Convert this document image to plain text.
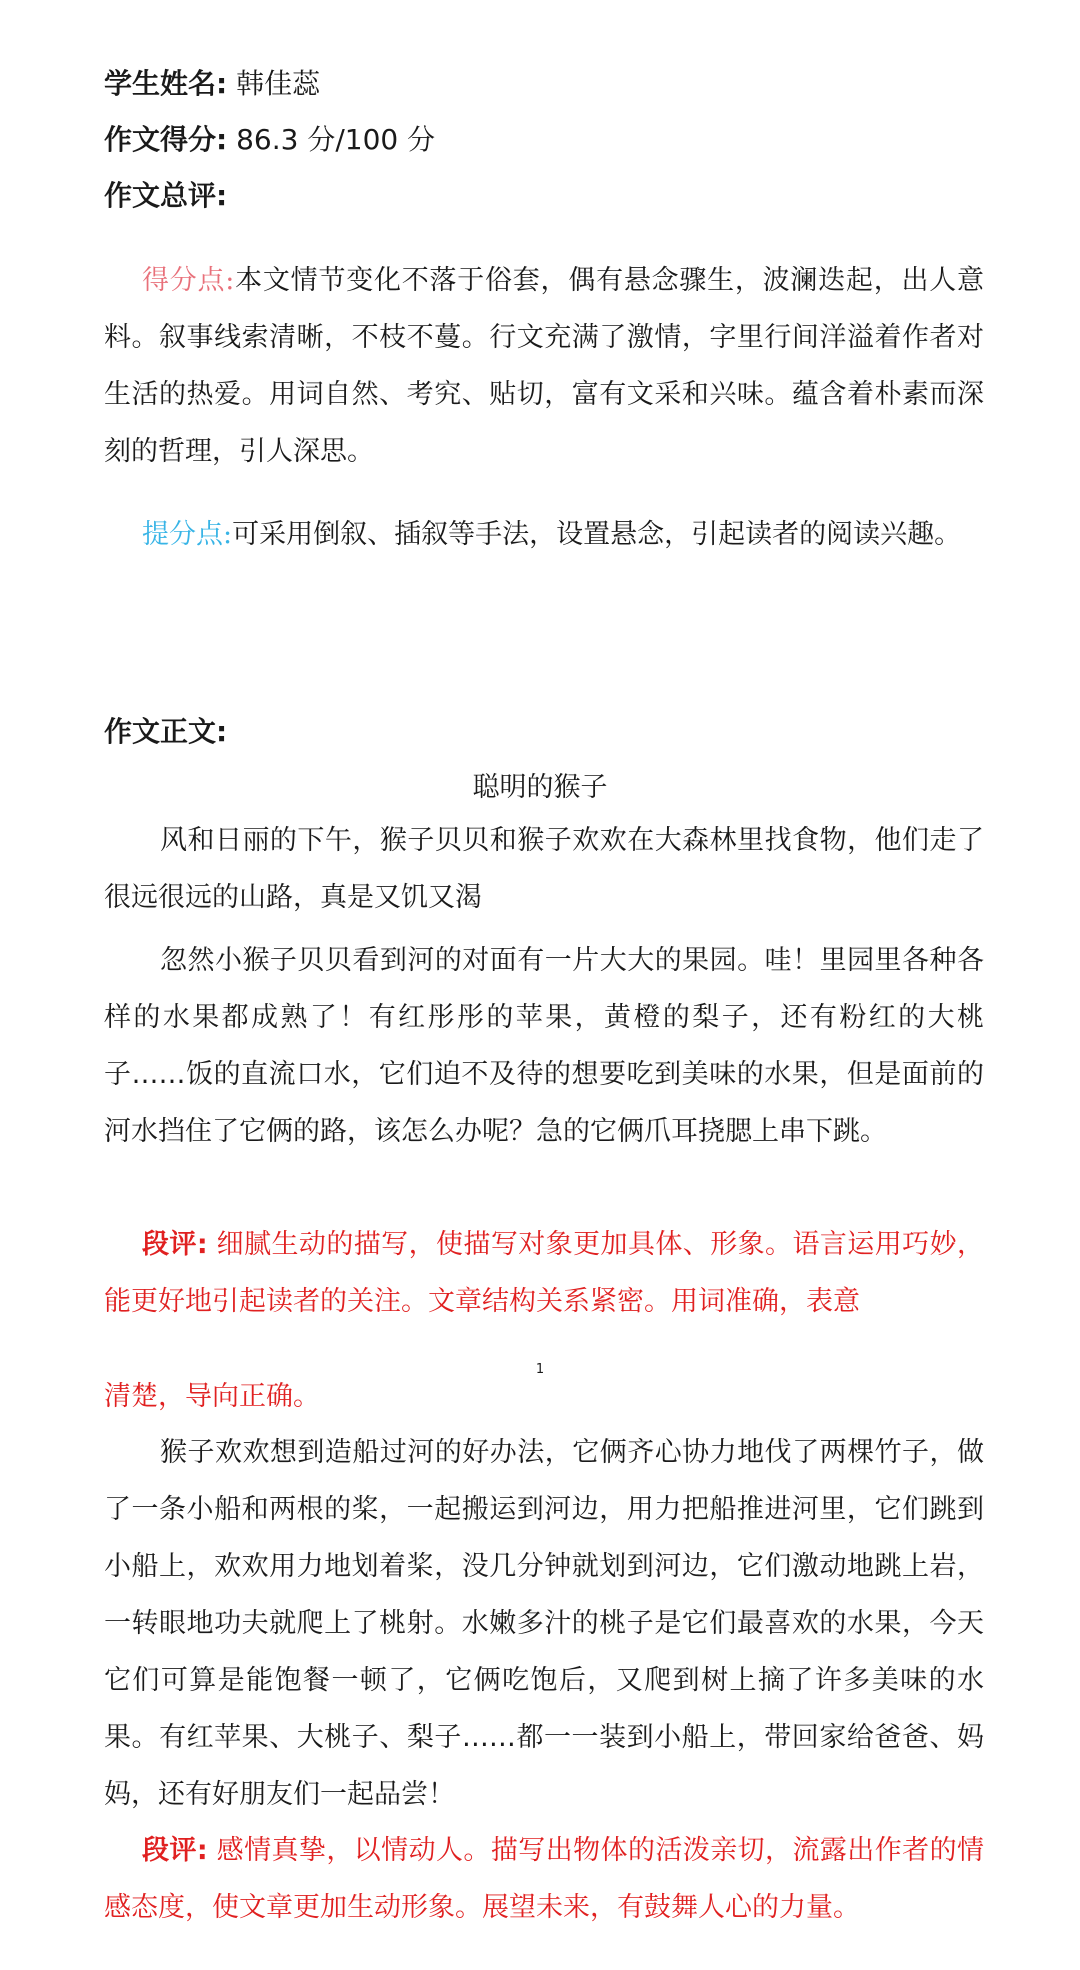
学生姓名: 韩佳蕊
作文得分: 86.3 分/100 分
作文总评:
得分点:本文情节变化不落于俗套，偶有悬念骤生，波澜迭起，出人意料。叙事线索清晰，不枝不蔓。行文充满了激情，字里行间洋溢着作者对生活的热爱。用词自然、考究、贴切，富有文采和兴味。蕴含着朴素而深刻的哲理，引人深思。
提分点:可采用倒叙、插叙等手法，设置悬念，引起读者的阅读兴趣。
作文正文:
聪明的猴子
风和日丽的下午，猴子贝贝和猴子欢欢在大森林里找食物，他们走了很远很远的山路，真是又饥又渴
忽然小猴子贝贝看到河的对面有一片大大的果园。哇！里园里各种各样的水果都成熟了！有红彤彤的苹果，黄橙的梨子，还有粉红的大桃子……饭的直流口水，它们迫不及待的想要吃到美味的水果，但是面前的河水挡住了它俩的路，该怎么办呢？急的它俩爪耳挠腮上串下跳。
段评: 细腻生动的描写，使描写对象更加具体、形象。语言运用巧妙，能更好地引起读者的关注。文章结构关系紧密。用词准确，表意
1
清楚，导向正确。
猴子欢欢想到造船过河的好办法，它俩齐心协力地伐了两棵竹子，做了一条小船和两根的桨，一起搬运到河边，用力把船推进河里，它们跳到小船上，欢欢用力地划着桨，没几分钟就划到河边，它们激动地跳上岩，一转眼地功夫就爬上了桃射。水嫩多汁的桃子是它们最喜欢的水果，今天它们可算是能饱餐一顿了，它俩吃饱后，又爬到树上摘了许多美味的水果。有红苹果、大桃子、梨子……都一一装到小船上，带回家给爸爸、妈妈，还有好朋友们一起品尝！
段评: 感情真挚，以情动人。描写出物体的活泼亲切，流露出作者的情感态度，使文章更加生动形象。展望未来，有鼓舞人心的力量。
